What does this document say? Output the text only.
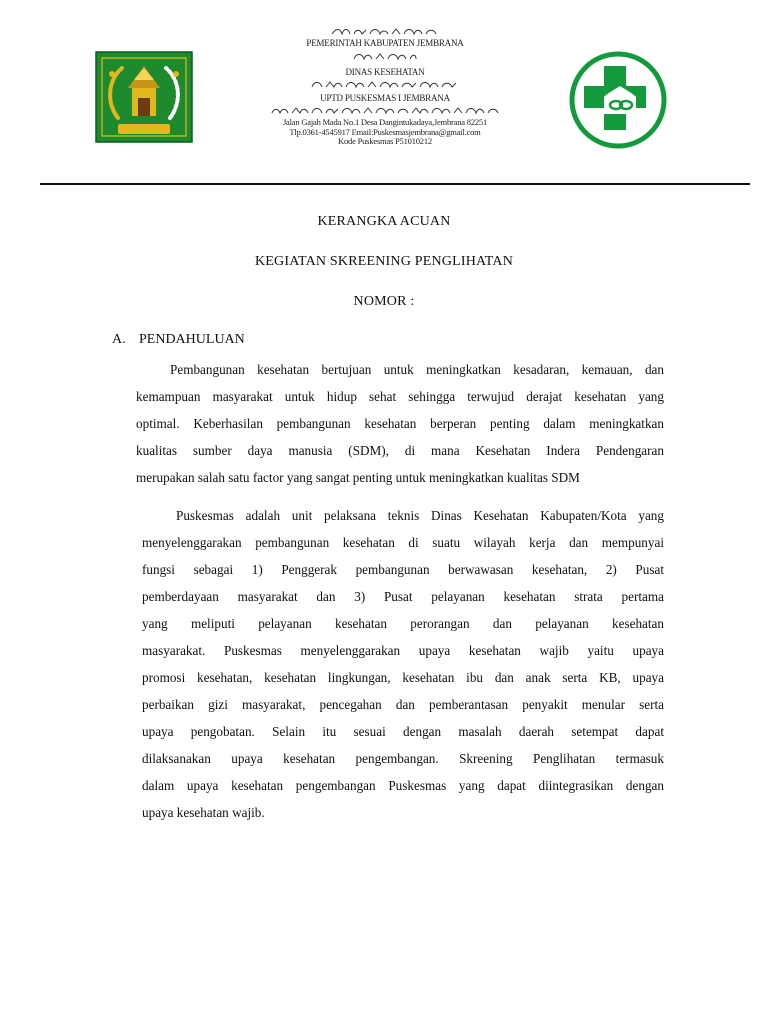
PEMERINTAH KABUPATEN JEMBRANA
DINAS KESEHATAN
UPTD PUSKESMAS I JEMBRANA
Jalan Gajah Mada No.1 Desa Dangintukadaya,Jembrana 82251
Tlp.0361-4545917 Email:Puskesmasjembrana@gmail.com
Kode Puskesmas P51010212
KERANGKA ACUAN
KEGIATAN SKREENING PENGLIHATAN
NOMOR :
A. PENDAHULUAN
Pembangunan kesehatan bertujuan untuk meningkatkan kesadaran, kemauan, dan
kemampuan masyarakat untuk hidup sehat sehingga terwujud derajat kesehatan yang
optimal. Keberhasilan pembangunan kesehatan berperan penting dalam meningkatkan
kualitas sumber daya manusia (SDM), di mana Kesehatan Indera Pendengaran
merupakan salah satu factor yang sangat penting untuk meningkatkan kualitas SDM
Puskesmas adalah unit pelaksana teknis Dinas Kesehatan Kabupaten/Kota yang
menyelenggarakan pembangunan kesehatan di suatu wilayah kerja dan mempunyai
fungsi sebagai 1) Penggerak pembangunan berwawasan kesehatan, 2) Pusat
pemberdayaan masyarakat dan 3) Pusat pelayanan kesehatan strata pertama
yang meliputi pelayanan kesehatan perorangan dan pelayanan kesehatan
masyarakat. Puskesmas menyelenggarakan upaya kesehatan wajib yaitu upaya
promosi kesehatan, kesehatan lingkungan, kesehatan ibu dan anak serta KB, upaya
perbaikan gizi masyarakat, pencegahan dan pemberantasan penyakit menular serta
upaya pengobatan. Selain itu sesuai dengan masalah daerah setempat dapat
dilaksanakan upaya kesehatan pengembangan. Skreening Penglihatan termasuk
dalam upaya kesehatan pengembangan Puskesmas yang dapat diintegrasikan dengan
upaya kesehatan wajib.
